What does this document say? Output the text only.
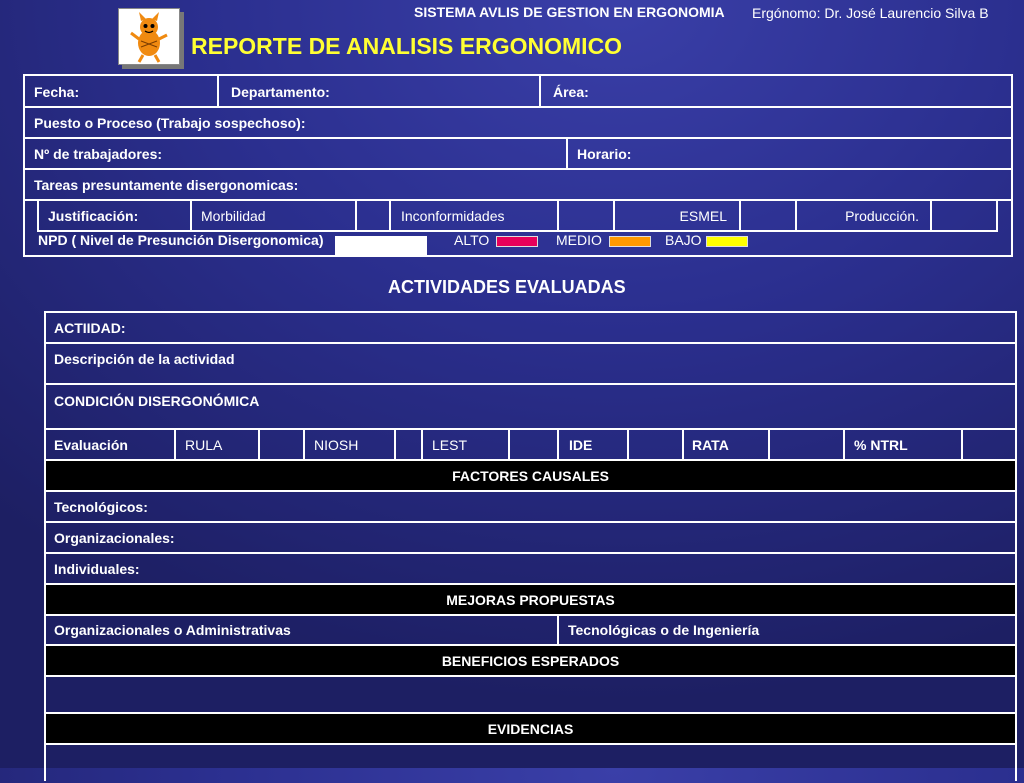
SISTEMA AVLIS DE GESTION EN ERGONOMIA Ergónomo: Dr. José Laurencio Silva B
REPORTE DE ANALISIS ERGONOMICO
Fecha:	Departamento:	Área:
Puesto o Proceso (Trabajo sospechoso):
Nº de trabajadores:	Horario:
Tareas presuntamente disergonomicas:
Justificación:	Morbilidad	Inconformidades	ESMEL	Producción.
NPD ( Nivel de Presunción Disergonomica)	ALTO	MEDIO	BAJO
ACTIVIDADES EVALUADAS
ACTIIDAD:
Descripción de la actividad
CONDICIÓN DISERGONÓMICA
Evaluación	RULA	NIOSH	LEST	IDE	RATA	% NTRL
FACTORES CAUSALES
Tecnológicos:
Organizacionales:
Individuales:
MEJORAS PROPUESTAS
Organizacionales o Administrativas	Tecnológicas o de Ingeniería
BENEFICIOS ESPERADOS
EVIDENCIAS
